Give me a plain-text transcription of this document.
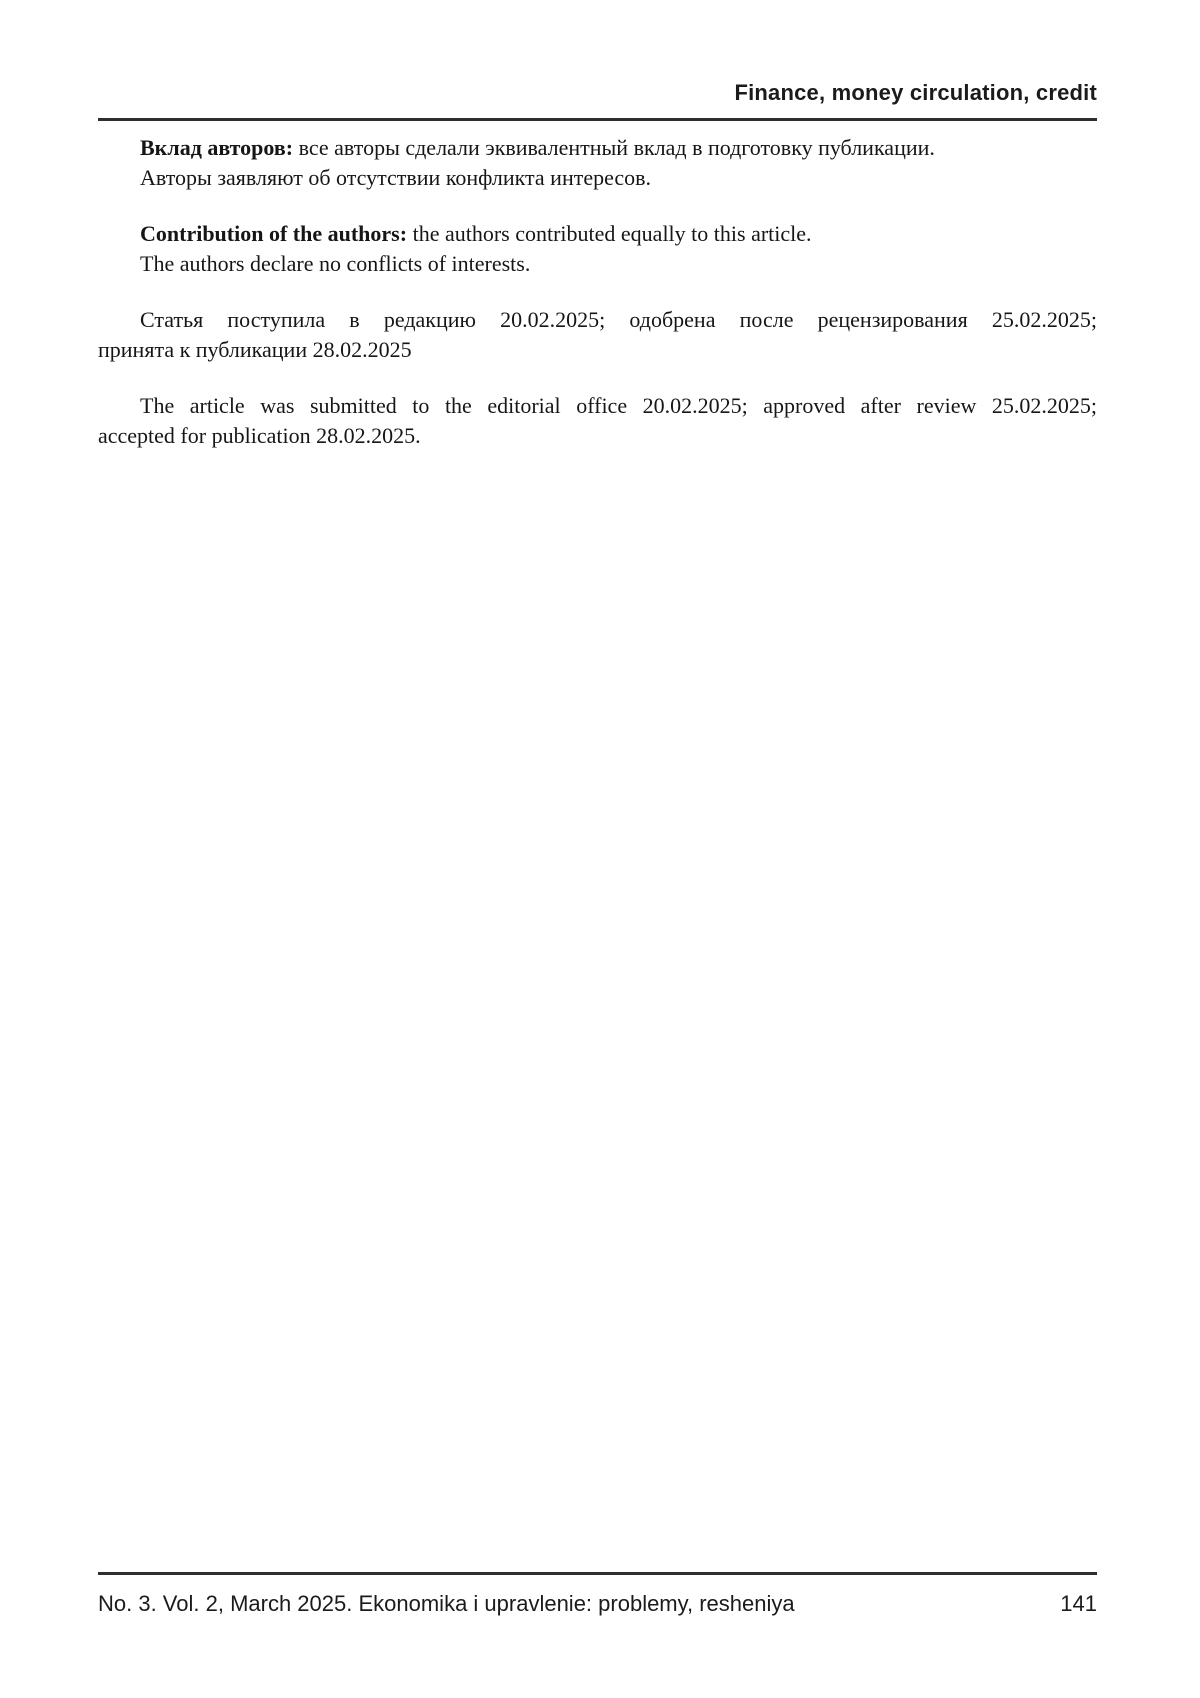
Finance, money circulation, credit

Вклад авторов: все авторы сделали эквивалентный вклад в подготовку публикации.
Авторы заявляют об отсутствии конфликта интересов.

Contribution of the authors: the authors contributed equally to this article.
The authors declare no conflicts of interests.

Статья поступила в редакцию 20.02.2025; одобрена после рецензирования 25.02.2025;
принята к публикации 28.02.2025

The article was submitted to the editorial office 20.02.2025; approved after review 25.02.2025;
accepted for publication 28.02.2025.

No. 3. Vol. 2, March 2025. Ekonomika i upravlenie: problemy, resheniya	141
